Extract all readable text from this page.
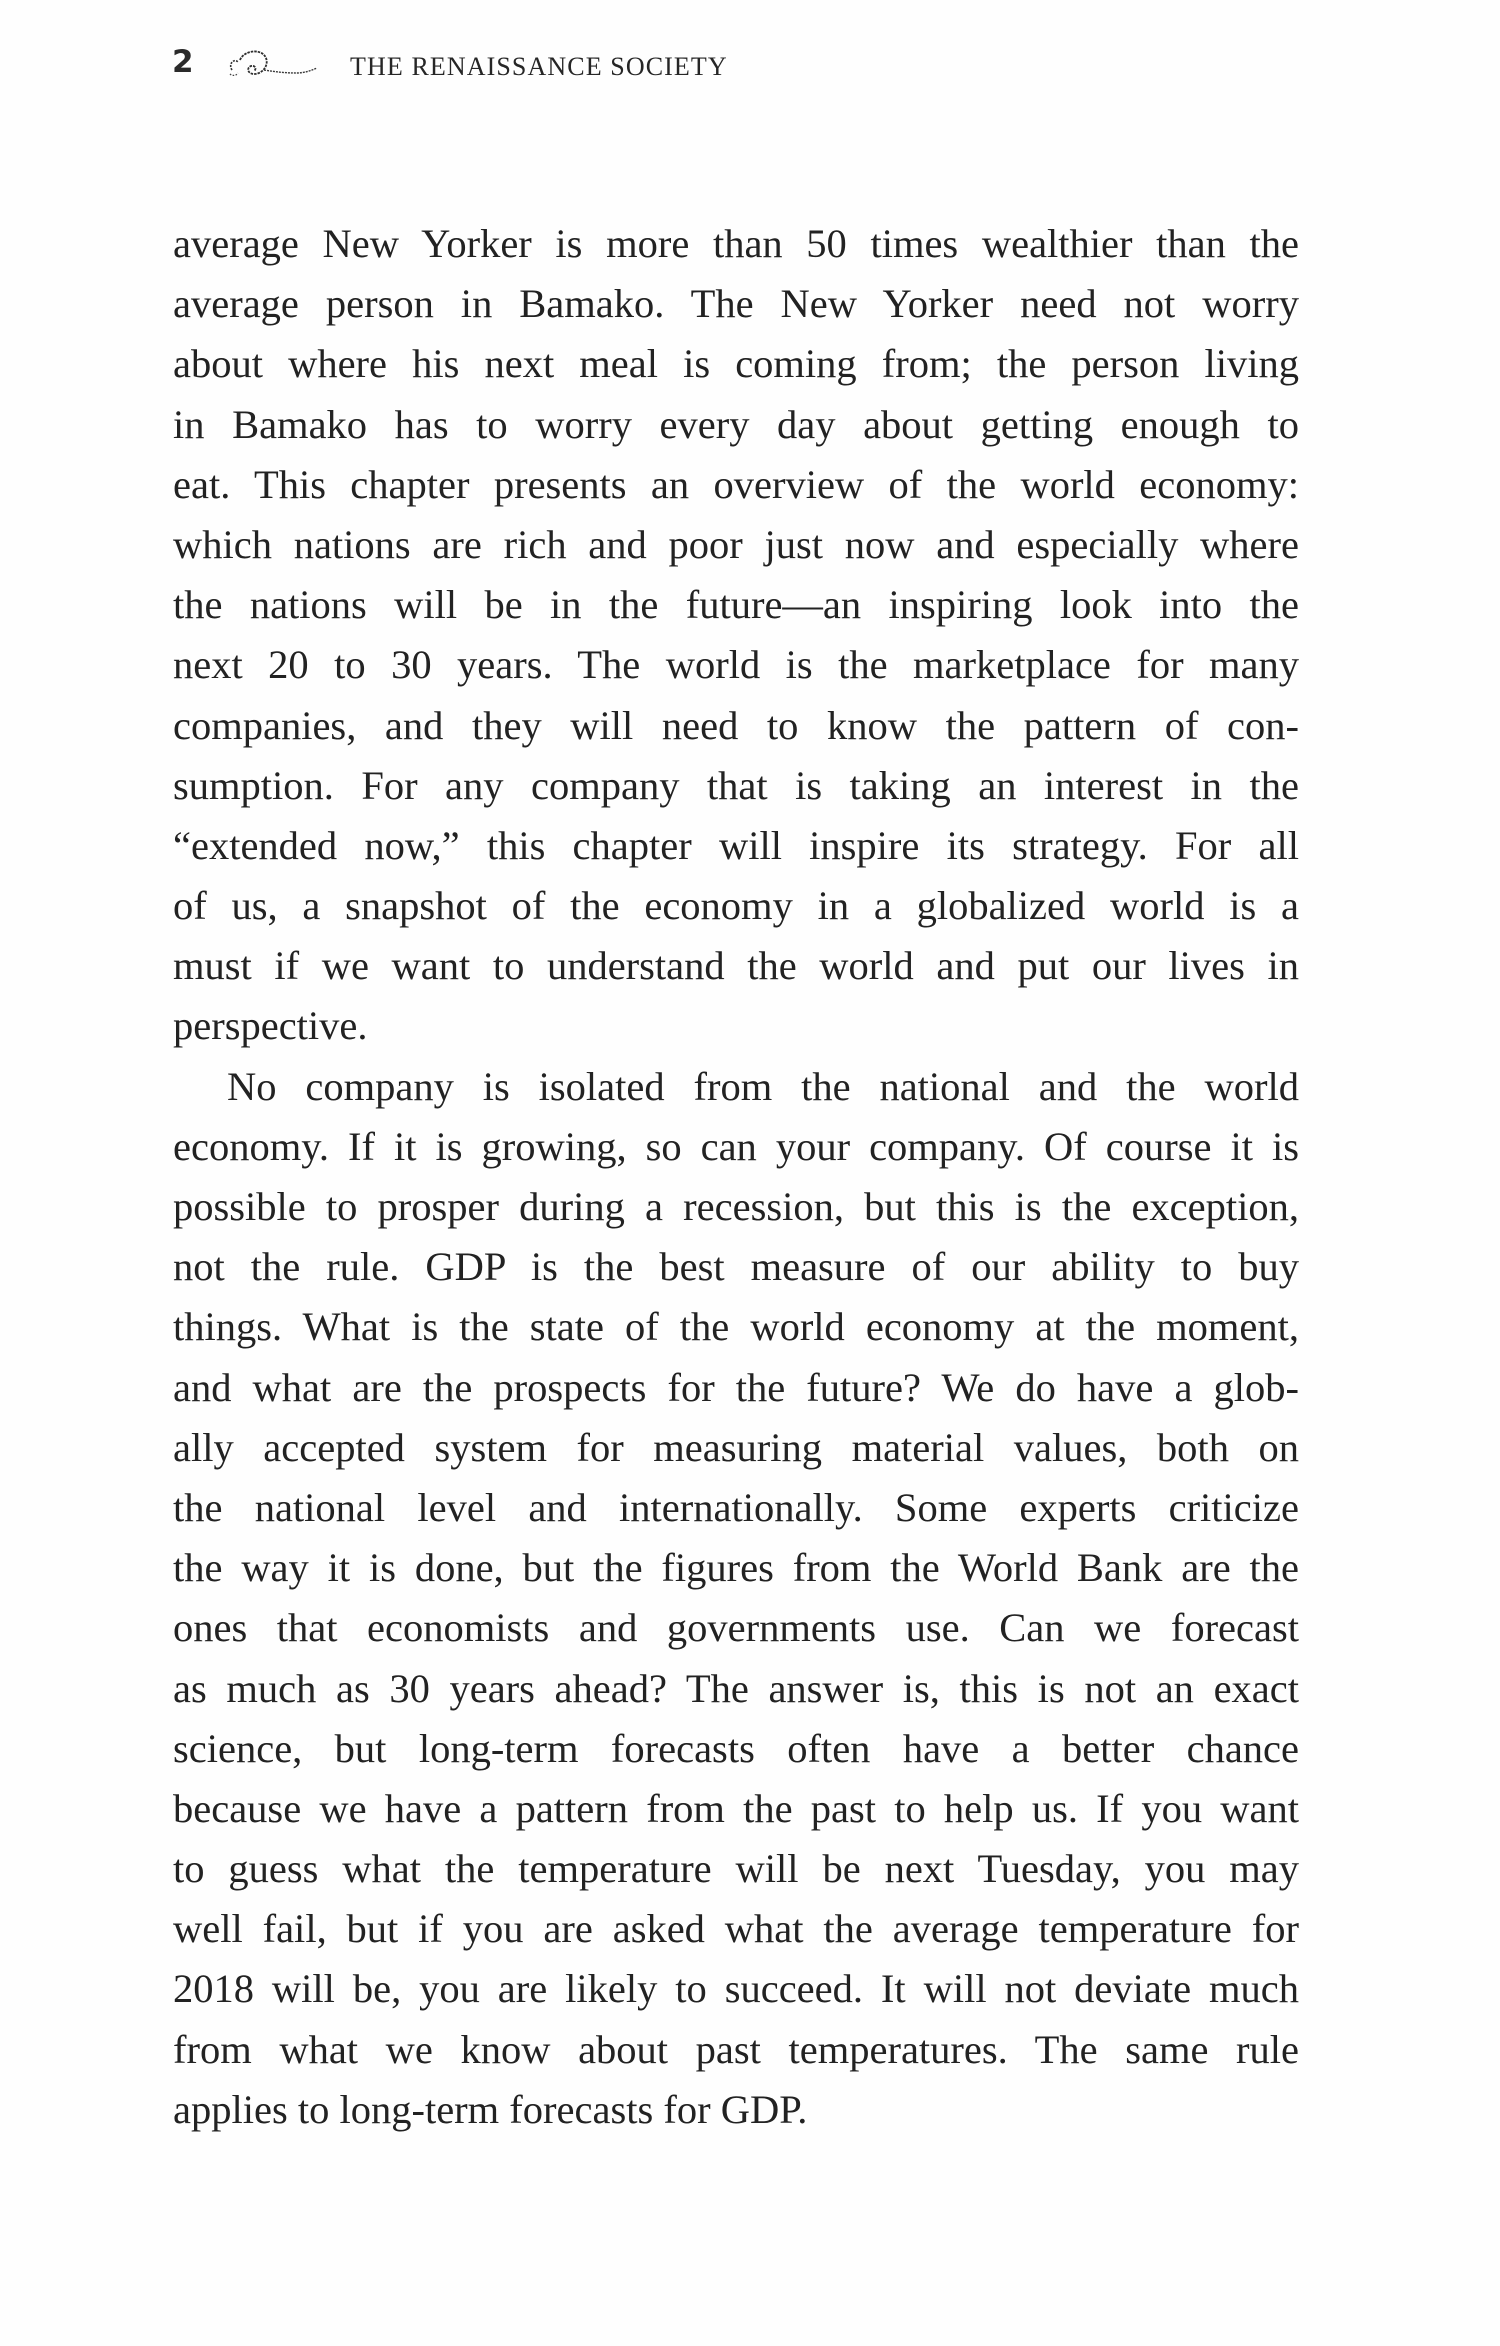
2	THE RENAISSANCE SOCIETY
average New Yorker is more than 50 times wealthier than the
average person in Bamako. The New Yorker need not worry
about where his next meal is coming from; the person living
in Bamako has to worry every day about getting enough to
eat. This chapter presents an overview of the world economy:
which nations are rich and poor just now and especially where
the nations will be in the future—an inspiring look into the
next 20 to 30 years. The world is the marketplace for many
companies, and they will need to know the pattern of con-
sumption. For any company that is taking an interest in the
“extended now,” this chapter will inspire its strategy. For all
of us, a snapshot of the economy in a globalized world is a
must if we want to understand the world and put our lives in
perspective.
No company is isolated from the national and the world
economy. If it is growing, so can your company. Of course it is
possible to prosper during a recession, but this is the exception,
not the rule. GDP is the best measure of our ability to buy
things. What is the state of the world economy at the moment,
and what are the prospects for the future? We do have a glob-
ally accepted system for measuring material values, both on
the national level and internationally. Some experts criticize
the way it is done, but the figures from the World Bank are the
ones that economists and governments use. Can we forecast
as much as 30 years ahead? The answer is, this is not an exact
science, but long-term forecasts often have a better chance
because we have a pattern from the past to help us. If you want
to guess what the temperature will be next Tuesday, you may
well fail, but if you are asked what the average temperature for
2018 will be, you are likely to succeed. It will not deviate much
from what we know about past temperatures. The same rule
applies to long-term forecasts for GDP.
